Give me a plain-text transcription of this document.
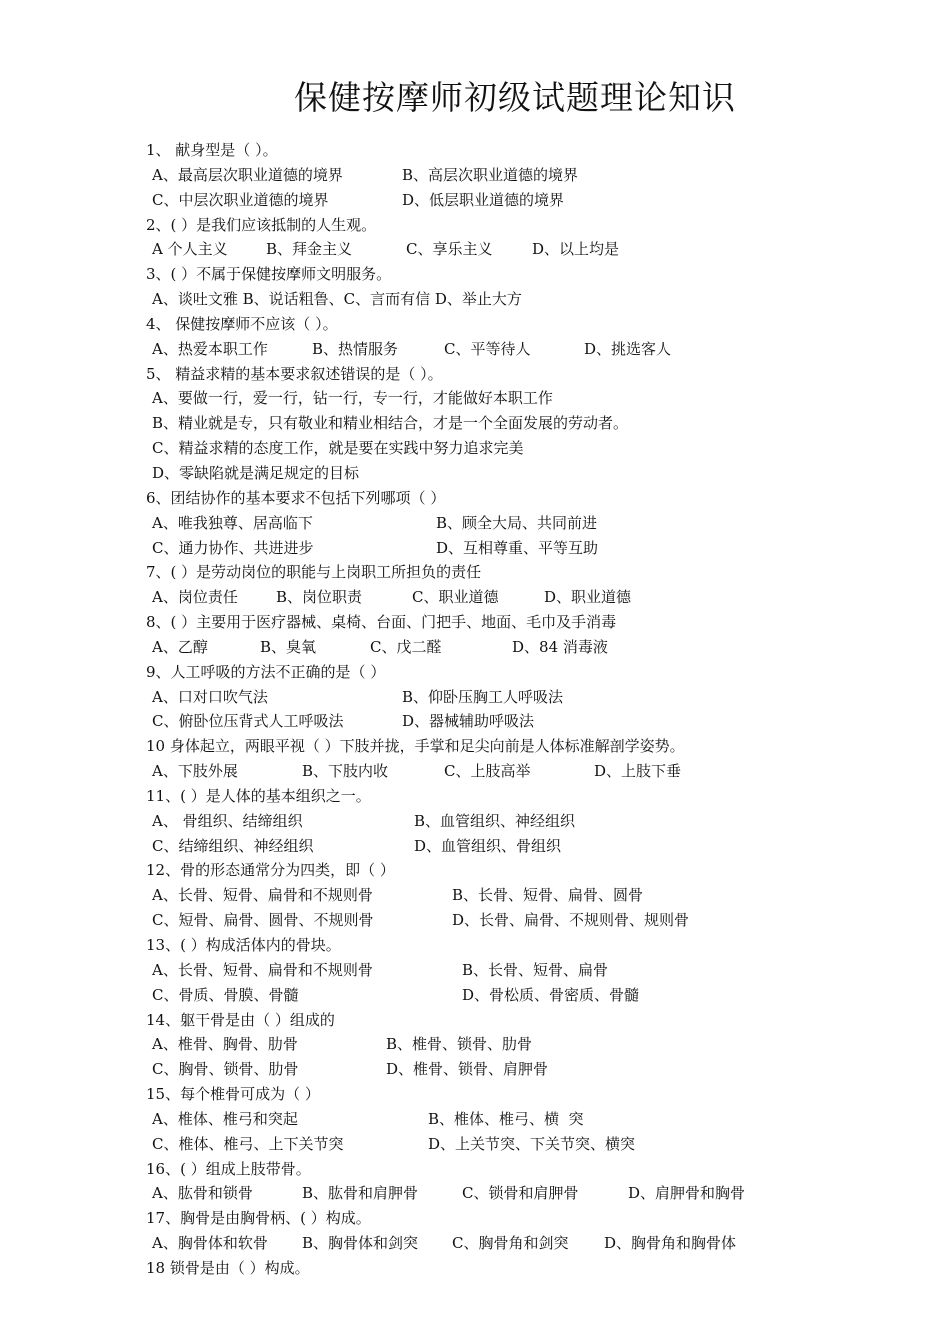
保健按摩师初级试题理论知识
1、 献身型是（ ）。
A、最高层次职业道德的境界	B、高层次职业道德的境界
C、中层次职业道德的境界	D、低层职业道德的境界
2、( ）是我们应该抵制的人生观。
A 个人主义	B、拜金主义	C、享乐主义	D、以上均是
3、( ）不属于保健按摩师文明服务。
A、谈吐文雅 B、说话粗鲁、C、言而有信 D、举止大方
4、 保健按摩师不应该（ ）。
A、热爱本职工作	B、热情服务	C、平等待人	D、挑选客人
5、 精益求精的基本要求叙述错误的是（ ）。
A、要做一行，爱一行，钻一行，专一行，才能做好本职工作
B、精业就是专，只有敬业和精业相结合，才是一个全面发展的劳动者。
C、精益求精的态度工作，就是要在实践中努力追求完美
D、零缺陷就是满足规定的目标
6、团结协作的基本要求不包括下列哪项（ ）
A、唯我独尊、居高临下	B、顾全大局、共同前进
C、通力协作、共进进步	D、互相尊重、平等互助
7、( ）是劳动岗位的职能与上岗职工所担负的责任
A、岗位责任	B、岗位职责	C、职业道德	D、职业道德
8、( ）主要用于医疗器械、桌椅、台面、门把手、地面、毛巾及手消毒
A、乙醇	B、臭氧	C、戊二醛	D、84 消毒液
9、人工呼吸的方法不正确的是（ ）
A、口对口吹气法	B、仰卧压胸工人呼吸法
C、俯卧位压背式人工呼吸法	D、器械辅助呼吸法
10 身体起立，两眼平视（ ）下肢并拢，手掌和足尖向前是人体标准解剖学姿势。
A、下肢外展	B、下肢内收	C、上肢高举	D、上肢下垂
11、( ）是人体的基本组织之一。
A、 骨组织、结缔组织	B、血管组织、神经组织
C、结缔组织、神经组织	D、血管组织、骨组织
12、骨的形态通常分为四类，即（ ）
A、长骨、短骨、扁骨和不规则骨	B、长骨、短骨、扁骨、圆骨
C、短骨、扁骨、圆骨、不规则骨	D、长骨、扁骨、不规则骨、规则骨
13、( ）构成活体内的骨块。
A、长骨、短骨、扁骨和不规则骨	B、长骨、短骨、扁骨
C、骨质、骨膜、骨髓	D、骨松质、骨密质、骨髓
14、躯干骨是由（ ）组成的
A、椎骨、胸骨、肋骨	B、椎骨、锁骨、肋骨
C、胸骨、锁骨、肋骨	D、椎骨、锁骨、肩胛骨
15、每个椎骨可成为（ ）
A、椎体、椎弓和突起	B、椎体、椎弓、横  突
C、椎体、椎弓、上下关节突	D、上关节突、下关节突、横突
16、( ）组成上肢带骨。
A、肱骨和锁骨	B、肱骨和肩胛骨	C、锁骨和肩胛骨	D、肩胛骨和胸骨
17、胸骨是由胸骨柄、( ）构成。
A、胸骨体和软骨 B、胸骨体和剑突 C、胸骨角和剑突 D、胸骨角和胸骨体
18 锁骨是由（ ）构成。
